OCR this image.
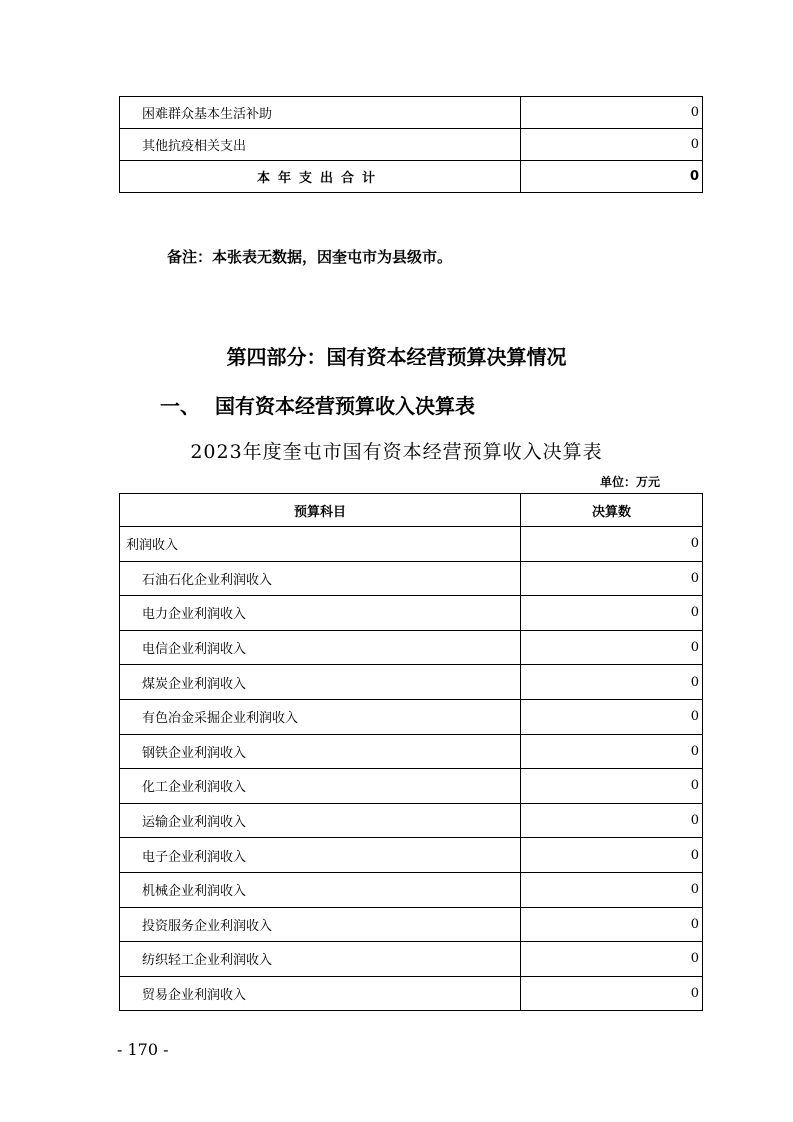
困难群众基本生活补助	0
其他抗疫相关支出	0
本年支出合计	0
备注：本张表无数据，因奎屯市为县级市。
第四部分：国有资本经营预算决算情况
一、 国有资本经营预算收入决算表
2023年度奎屯市国有资本经营预算收入决算表
单位：万元
预算科目	决算数
利润收入	0
石油石化企业利润收入	0
电力企业利润收入	0
电信企业利润收入	0
煤炭企业利润收入	0
有色冶金采掘企业利润收入	0
钢铁企业利润收入	0
化工企业利润收入	0
运输企业利润收入	0
电子企业利润收入	0
机械企业利润收入	0
投资服务企业利润收入	0
纺织轻工企业利润收入	0
贸易企业利润收入	0
- 170 -
